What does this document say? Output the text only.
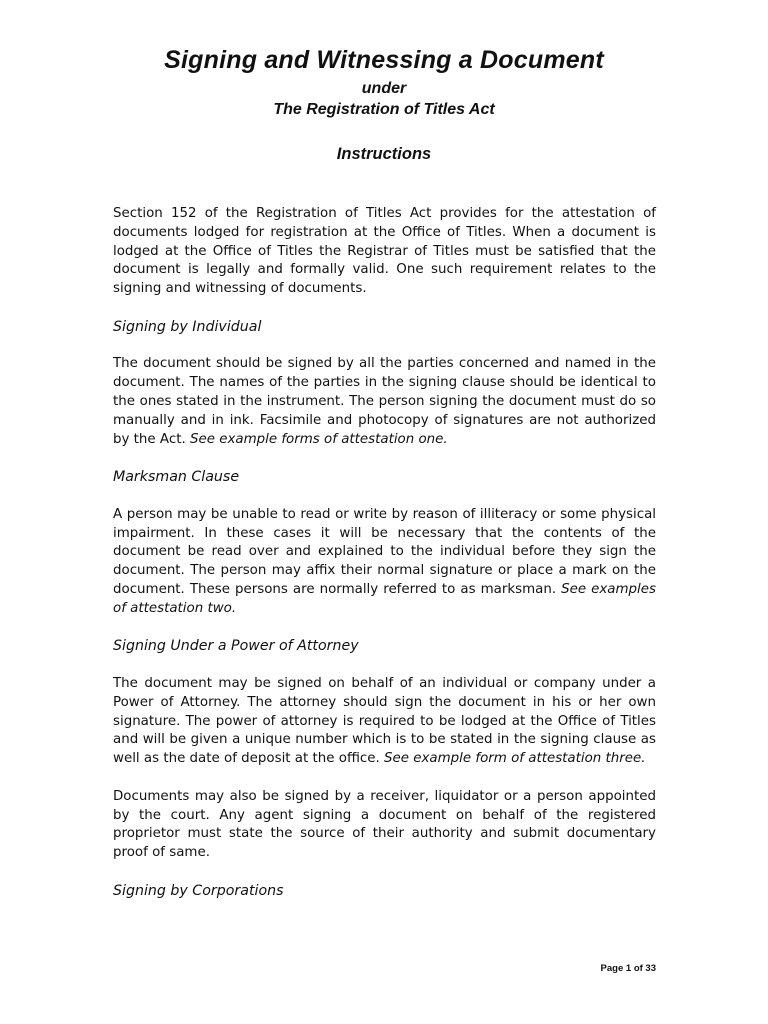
Signing and Witnessing a Document
under
The Registration of Titles Act
Instructions

Section 152 of the Registration of Titles Act provides for the attestation of documents lodged for registration at the Office of Titles. When a document is lodged at the Office of Titles the Registrar of Titles must be satisfied that the document is legally and formally valid. One such requirement relates to the signing and witnessing of documents.

Signing by Individual

The document should be signed by all the parties concerned and named in the document. The names of the parties in the signing clause should be identical to the ones stated in the instrument. The person signing the document must do so manually and in ink. Facsimile and photocopy of signatures are not authorized by the Act. See example forms of attestation one.

Marksman Clause

A person may be unable to read or write by reason of illiteracy or some physical impairment. In these cases it will be necessary that the contents of the document be read over and explained to the individual before they sign the document. The person may affix their normal signature or place a mark on the document. These persons are normally referred to as marksman. See examples of attestation two.

Signing Under a Power of Attorney

The document may be signed on behalf of an individual or company under a Power of Attorney. The attorney should sign the document in his or her own signature. The power of attorney is required to be lodged at the Office of Titles and will be given a unique number which is to be stated in the signing clause as well as the date of deposit at the office. See example form of attestation three.

Documents may also be signed by a receiver, liquidator or a person appointed by the court. Any agent signing a document on behalf of the registered proprietor must state the source of their authority and submit documentary proof of same.

Signing by Corporations
Page 1 of 33
